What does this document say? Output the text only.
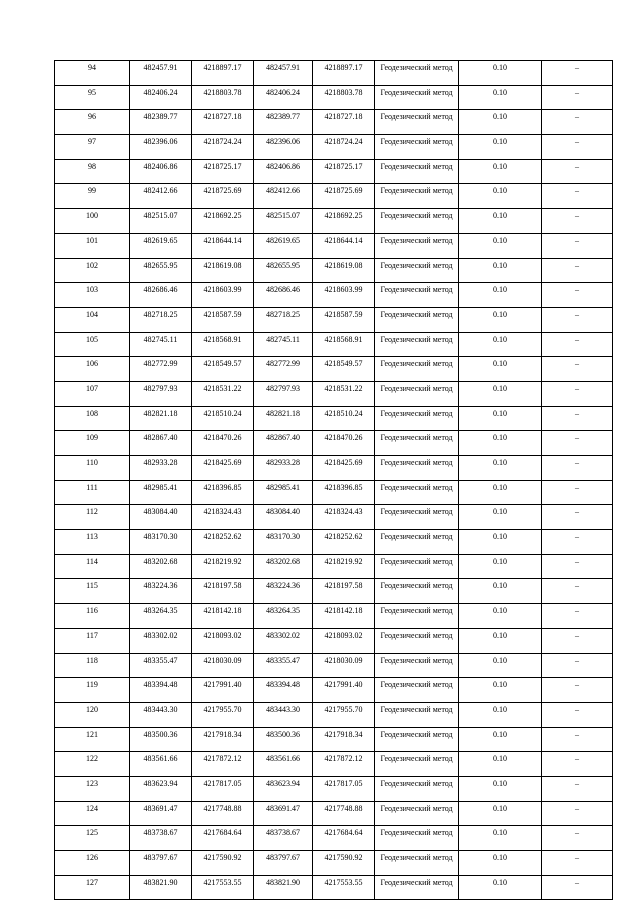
94	482457.91	4218897.17	482457.91	4218897.17	Геодезический метод	0.10	–
95	482406.24	4218803.78	482406.24	4218803.78	Геодезический метод	0.10	–
96	482389.77	4218727.18	482389.77	4218727.18	Геодезический метод	0.10	–
97	482396.06	4218724.24	482396.06	4218724.24	Геодезический метод	0.10	–
98	482406.86	4218725.17	482406.86	4218725.17	Геодезический метод	0.10	–
99	482412.66	4218725.69	482412.66	4218725.69	Геодезический метод	0.10	–
100	482515.07	4218692.25	482515.07	4218692.25	Геодезический метод	0.10	–
101	482619.65	4218644.14	482619.65	4218644.14	Геодезический метод	0.10	–
102	482655.95	4218619.08	482655.95	4218619.08	Геодезический метод	0.10	–
103	482686.46	4218603.99	482686.46	4218603.99	Геодезический метод	0.10	–
104	482718.25	4218587.59	482718.25	4218587.59	Геодезический метод	0.10	–
105	482745.11	4218568.91	482745.11	4218568.91	Геодезический метод	0.10	–
106	482772.99	4218549.57	482772.99	4218549.57	Геодезический метод	0.10	–
107	482797.93	4218531.22	482797.93	4218531.22	Геодезический метод	0.10	–
108	482821.18	4218510.24	482821.18	4218510.24	Геодезический метод	0.10	–
109	482867.40	4218470.26	482867.40	4218470.26	Геодезический метод	0.10	–
110	482933.28	4218425.69	482933.28	4218425.69	Геодезический метод	0.10	–
111	482985.41	4218396.85	482985.41	4218396.85	Геодезический метод	0.10	–
112	483084.40	4218324.43	483084.40	4218324.43	Геодезический метод	0.10	–
113	483170.30	4218252.62	483170.30	4218252.62	Геодезический метод	0.10	–
114	483202.68	4218219.92	483202.68	4218219.92	Геодезический метод	0.10	–
115	483224.36	4218197.58	483224.36	4218197.58	Геодезический метод	0.10	–
116	483264.35	4218142.18	483264.35	4218142.18	Геодезический метод	0.10	–
117	483302.02	4218093.02	483302.02	4218093.02	Геодезический метод	0.10	–
118	483355.47	4218030.09	483355.47	4218030.09	Геодезический метод	0.10	–
119	483394.48	4217991.40	483394.48	4217991.40	Геодезический метод	0.10	–
120	483443.30	4217955.70	483443.30	4217955.70	Геодезический метод	0.10	–
121	483500.36	4217918.34	483500.36	4217918.34	Геодезический метод	0.10	–
122	483561.66	4217872.12	483561.66	4217872.12	Геодезический метод	0.10	–
123	483623.94	4217817.05	483623.94	4217817.05	Геодезический метод	0.10	–
124	483691.47	4217748.88	483691.47	4217748.88	Геодезический метод	0.10	–
125	483738.67	4217684.64	483738.67	4217684.64	Геодезический метод	0.10	–
126	483797.67	4217590.92	483797.67	4217590.92	Геодезический метод	0.10	–
127	483821.90	4217553.55	483821.90	4217553.55	Геодезический метод	0.10	–
